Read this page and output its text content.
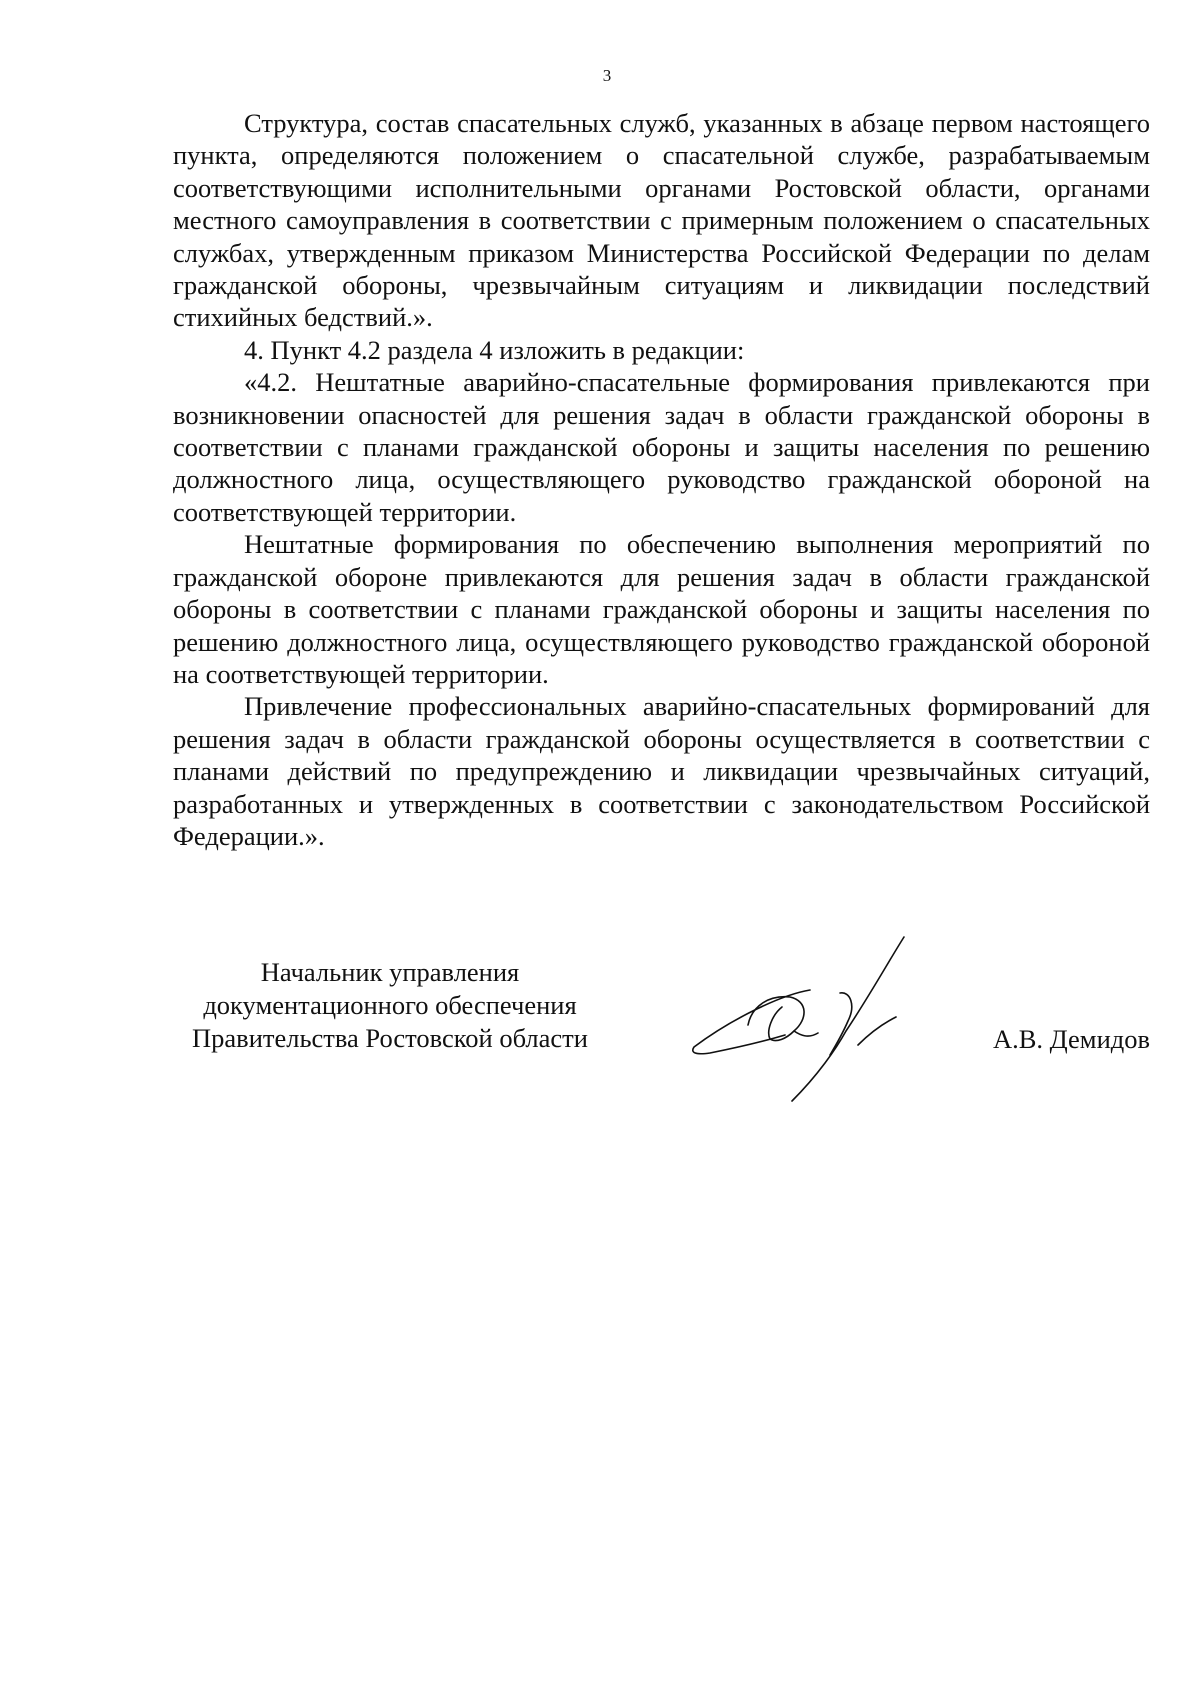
3

Структура, состав спасательных служб, указанных в абзаце первом настоящего пункта, определяются положением о спасательной службе, разрабатываемым соответствующими исполнительными органами Ростовской области, органами местного самоуправления в соответствии с примерным положением о спасательных службах, утвержденным приказом Министерства Российской Федерации по делам гражданской обороны, чрезвычайным ситуациям и ликвидации последствий стихийных бедствий.».

4. Пункт 4.2 раздела 4 изложить в редакции:

«4.2. Нештатные аварийно-спасательные формирования привлекаются при возникновении опасностей для решения задач в области гражданской обороны в соответствии с планами гражданской обороны и защиты населения по решению должностного лица, осуществляющего руководство гражданской обороной на соответствующей территории.

Нештатные формирования по обеспечению выполнения мероприятий по гражданской обороне привлекаются для решения задач в области гражданской обороны в соответствии с планами гражданской обороны и защиты населения по решению должностного лица, осуществляющего руководство гражданской обороной на соответствующей территории.

Привлечение профессиональных аварийно-спасательных формирований для решения задач в области гражданской обороны осуществляется в соответствии с планами действий по предупреждению и ликвидации чрезвычайных ситуаций, разработанных и утвержденных в соответствии с законодательством Российской Федерации.».

Начальник управления
документационного обеспечения
Правительства Ростовской области	А.В. Демидов
